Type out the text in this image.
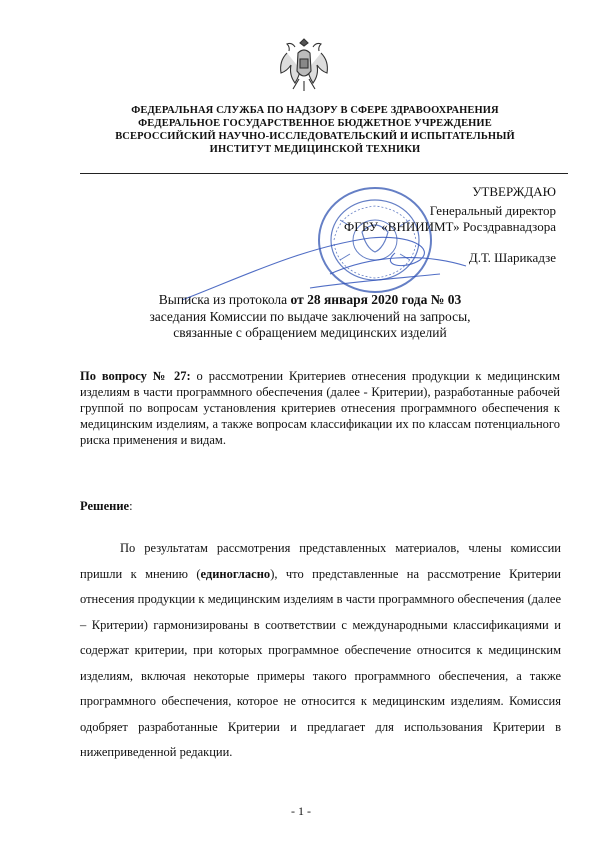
ФЕДЕРАЛЬНАЯ СЛУЖБА ПО НАДЗОРУ В СФЕРЕ ЗДРАВООХРАНЕНИЯ
ФЕДЕРАЛЬНОЕ ГОСУДАРСТВЕННОЕ БЮДЖЕТНОЕ УЧРЕЖДЕНИЕ
ВСЕРОССИЙСКИЙ НАУЧНО-ИССЛЕДОВАТЕЛЬСКИЙ И ИСПЫТАТЕЛЬНЫЙ
ИНСТИТУТ МЕДИЦИНСКОЙ ТЕХНИКИ
УТВЕРЖДАЮ
Генеральный директор
ФГБУ «ВНИИИМТ» Росздравнадзора
Д.Т. Шарикадзе
Выписка из протокола от 28 января 2020 года № 03
заседания Комиссии по выдаче заключений на запросы,
связанные с обращением медицинских изделий
По вопросу № 27: о рассмотрении Критериев отнесения продукции к медицинским изделиям в части программного обеспечения (далее - Критерии), разработанные рабочей группой по вопросам установления критериев отнесения программного обеспечения к медицинским изделиям, а также вопросам классификации их по классам потенциального риска применения и видам.
Решение:
По результатам рассмотрения представленных материалов, члены комиссии пришли к мнению (единогласно), что представленные на рассмотрение Критерии отнесения продукции к медицинским изделиям в части программного обеспечения (далее – Критерии) гармонизированы в соответствии с международными классификациями и содержат критерии, при которых программное обеспечение относится к медицинским изделиям, включая некоторые примеры такого программного обеспечения, а также программного обеспечения, которое не относится к медицинским изделиям. Комиссия одобряет разработанные Критерии и предлагает для использования Критерии в нижеприведенной редакции.
- 1 -
